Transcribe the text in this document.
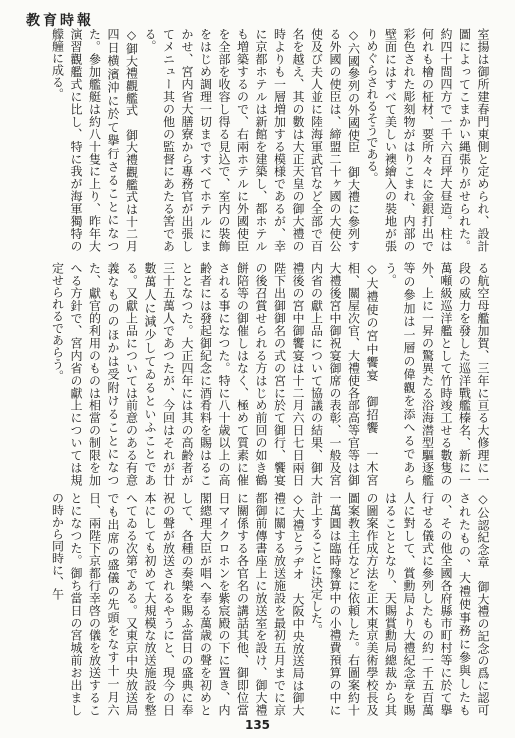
教育時報

室揚は御所建春門東側と定められ、設計圖によってこまかい縄張りがせられた。約四十間四方で一千六百坪大昼造。柱は何れも檜の柾材、要所々々に金銀打出で彩色された彫刻物がはりこまれ、内部の壁面にはすべて美しい襖繪入の裝地が張りめぐらされるそうである。
◇六國參列の外國使臣　御大禮に參列する外國の使臣は、締盟二十ヶ國の大使公使及び夫人並に陸海軍武官など全部で百名を越え、其の數は大正天皇の御大禮の時よりも一層増加する模様であるが、幸に京都ホテルは新館を建築し、都ホテルも増築するので、右兩ホテルに外國使臣を全部を收容し得る見込で、室内の裝飾をはじめ調理一切まですべてホテルにまかせ、宮内省大膳寮から專務官が出張してメニュー其の他の監督にあたる筈である。
◇御大禮觀艦式　御大禮觀艦式は十二月四日横濱沖に於て擧行さることになつた。參加艦艇は約八十隻に上り、昨年大演習觀艦式に比し、特に我が海軍獨特の艨艟に成る。

る航空母艦加賀、三年に亘る大修理に一段の威力を發した巡洋戰艦榛名、新に一萬噸級巡洋艦として竹時竣工せる數隻の外、上に一昇の驚異たる浴海潜型驅逐艦等の參加は一層の偉觀を添へるであらう。
◇大禮使の宮中饗宴　御招饗　一木宮相、關屋次官、大禮使各部高等官等は御大禮後宮中御祝宴御席の表彰、一般及宮内省の獻上品について協議の結果、御大禮後の宮中御饗宴は十二月六日七日兩日陛下出御御名の式の宮に於て御行、饗宴の後召賞せられる方はじめ前回の如き鶴餅陪等の御催しはなく、極めて質素に催される事になつた。特に八十歳以上の高齢者には發起御紀念に酒肴料を賜はることとなつた。大正四年には其の高齢者が三十五萬人であつたが、今回はそれが廿數萬人に減少してゐるといふことである。又獻上品については前意のある有意義なもののほかは受附けることになつた、獻官的利用のものは相當の制限を加へる方針で、宮内省の獻上については規定せられるであらう。

◇公認紀念章　御大禮の記念の爲に認可されたもの、大禮使事務に參與したもの、その他全國各府縣市町村等に於て擧行せる儀式に參列したもの約一千五百萬人に對して、賞勳局より大禮紀念章を賜はることとなり、天賜賞勳局總裁から其の圖案作成方法を正木東京美術學校長及圖案教主任などに依頼した。右圖案約十一萬圓は臨時豫算中の小禮費預算の中に計上することに決定した。
◇大禮とラヂオ　大阪中央放送局は御大禮に關する放送施設を最初五月までに京都御前傳書座上に放送室を設け、御大禮に關係する各官名の講話其他、御即位當日マイクロホンを紫宸殿の下に置き、内閣總理大臣が唱へ奉る萬歳の聲を初めとして、各種の奏樂を賜ふ當日の盛典に奉祝の聲が放送されるやうにと、現今の日本にしても初めて大規模な放送施設を整へてゐる次第である。又東京中央放送局でも出席の盛儀の先頭をなす十一月六日、兩陛下京都行幸啓の儀を放送することになつた。御ち當日の宮城前お出ましの時から同時に、午

135
